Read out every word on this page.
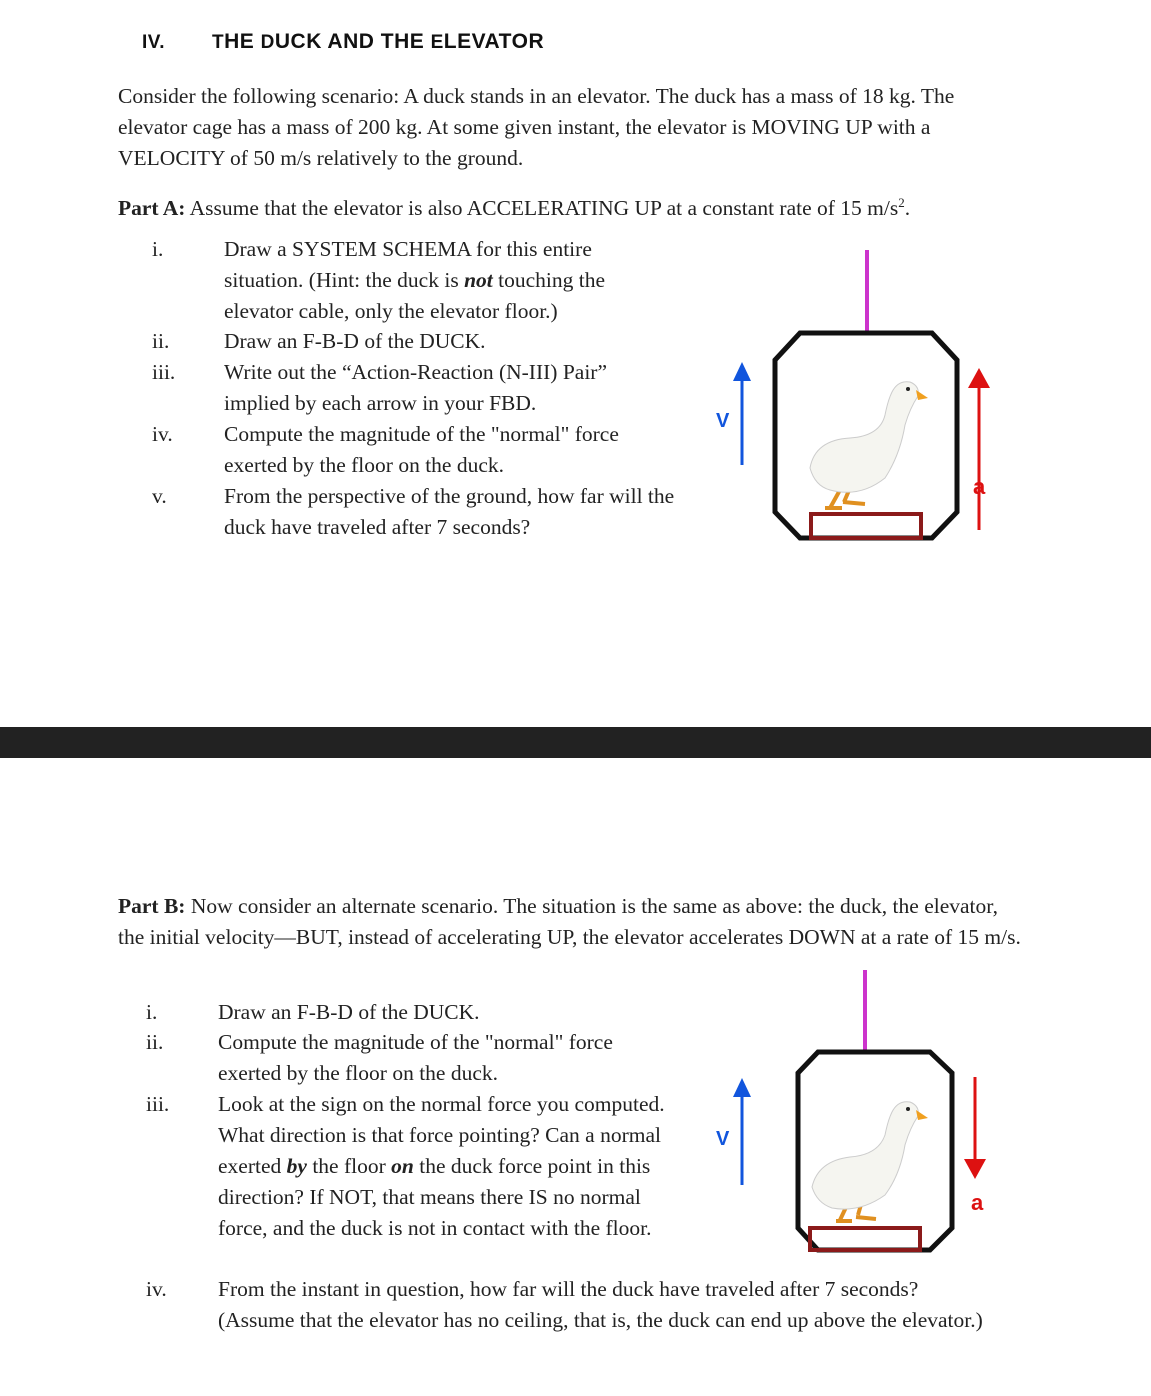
IV. THE DUCK AND THE ELEVATOR

Consider the following scenario: A duck stands in an elevator. The duck has a mass of 18 kg. The elevator cage has a mass of 200 kg. At some given instant, the elevator is MOVING UP with a VELOCITY of 50 m/s relatively to the ground.

Part A: Assume that the elevator is also ACCELERATING UP at a constant rate of 15 $m/s^2$.

i.	Draw a SYSTEM SCHEMA for this entire situation. (Hint: the duck is not touching the elevator cable, only the elevator floor.)
ii.	Draw an F-B-D of the DUCK.
iii. Write out the “Action-Reaction (N-III) Pair” implied by each arrow in your FBD.
iv. Compute the magnitude of the "normal" force exerted by the floor on the duck.
v.	From the perspective of the ground, how far will the duck have traveled after 7 seconds?
V
a

Part B: Now consider an alternate scenario. The situation is the same as above: the duck, the elevator, the initial velocity—BUT, instead of accelerating UP, the elevator accelerates DOWN at a rate of 15 m/s.

i.	Draw an F-B-D of the DUCK.
ii.	Compute the magnitude of the "normal" force exerted by the floor on the duck.
iii. Look at the sign on the normal force you computed. What direction is that force pointing? Can a normal exerted by the floor on the duck force point in this direction? If NOT, that means there IS no normal force, and the duck is not in contact with the floor.
iv. From the instant in question, how far will the duck have traveled after 7 seconds? (Assume that the elevator has no ceiling, that is, the duck can end up above the elevator.)
V
a
